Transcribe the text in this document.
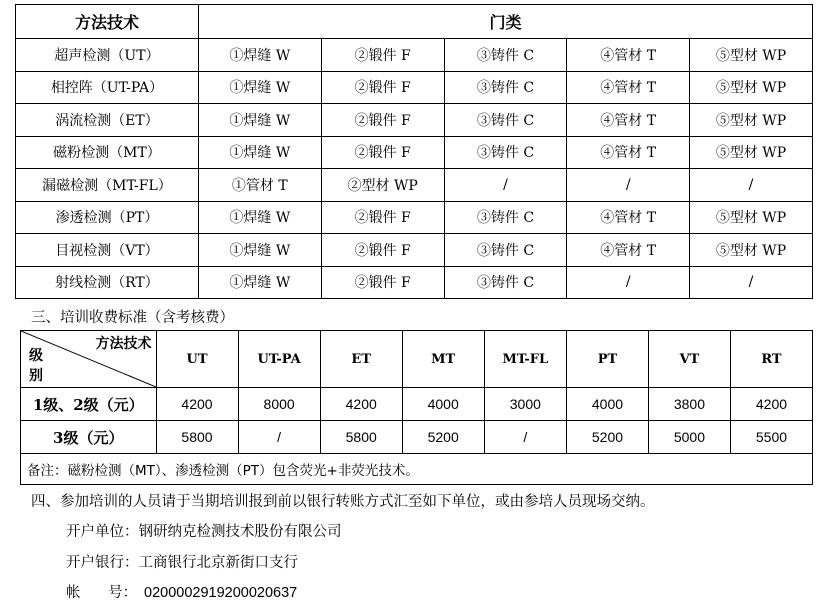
方法技术	门类				
超声检测（UT）	①焊缝 W	②锻件 F	③铸件 C	④管材 T	⑤型材 WP
相控阵（UT-PA）	①焊缝 W	②锻件 F	③铸件 C	④管材 T	⑤型材 WP
涡流检测（ET）	①焊缝 W	②锻件 F	③铸件 C	④管材 T	⑤型材 WP
磁粉检测（MT）	①焊缝 W	②锻件 F	③铸件 C	④管材 T	⑤型材 WP
漏磁检测（MT-FL）	①管材 T	②型材 WP	/	/	/
渗透检测（PT）	①焊缝 W	②锻件 F	③铸件 C	④管材 T	⑤型材 WP
目视检测（VT）	①焊缝 W	②锻件 F	③铸件 C	④管材 T	⑤型材 WP
射线检测（RT）	①焊缝 W	②锻件 F	③铸件 C	/	/
三、培训收费标准（含考核费）
方法技术
级
别	UT	UT-PA	ET	MT	MT-FL	PT	VT	RT
1级、2级（元）	4200	8000	4200	4000	3000	4000	3800	4200
3级（元）	5800	/	5800	5200	/	5200	5000	5500
备注：磁粉检测（MT）、渗透检测（PT）包含荧光+非荧光技术。								
四、参加培训的人员请于当期培训报到前以银行转账方式汇至如下单位，或由参培人员现场交纳。
开户单位：钢研纳克检测技术股份有限公司
开户银行：工商银行北京新街口支行
帐      号： 0200002919200020637
